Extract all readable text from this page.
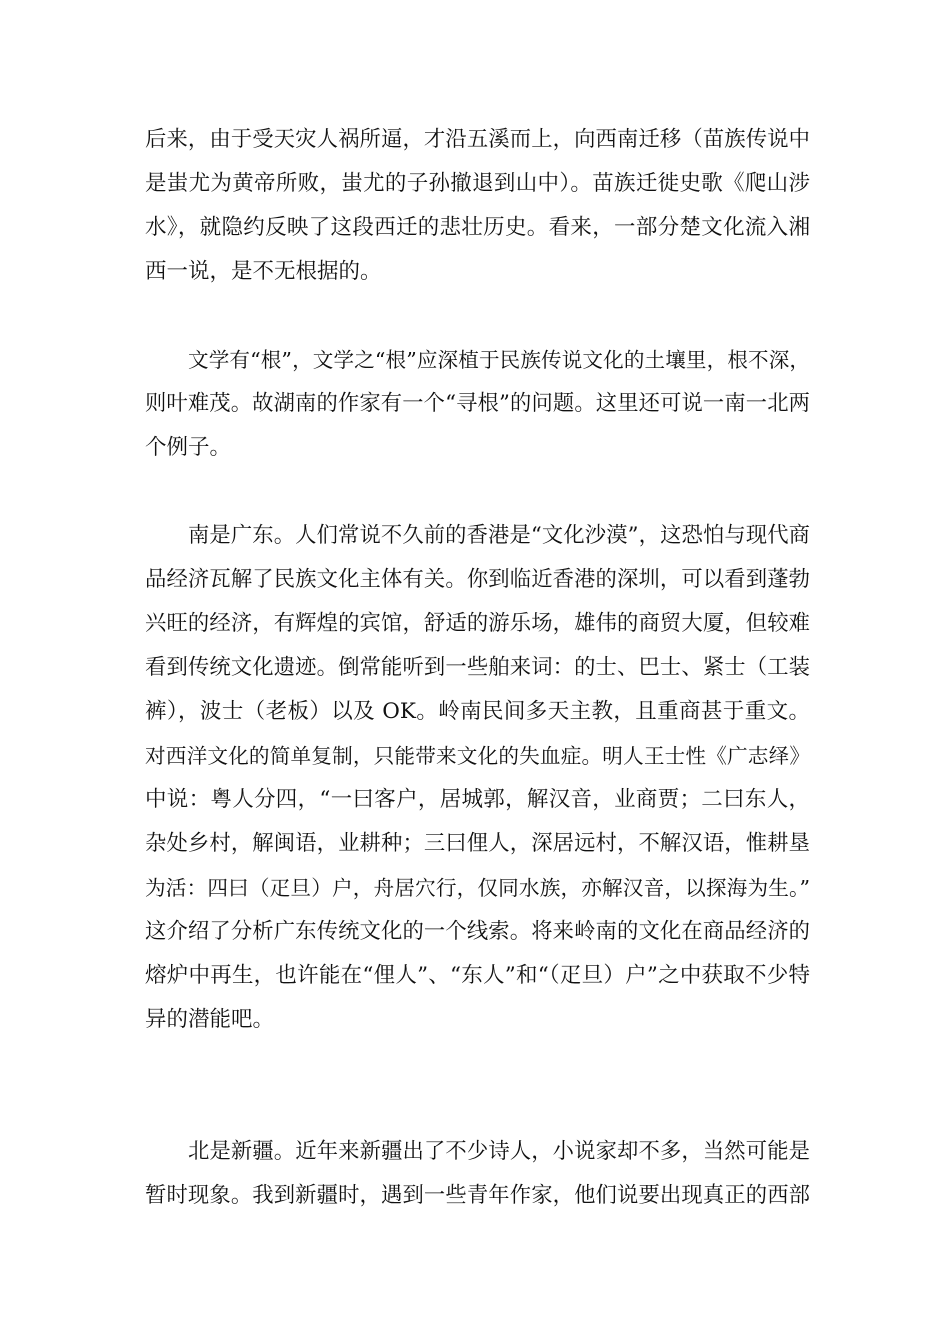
后来，由于受天灾人祸所逼，才沿五溪而上，向西南迁移（苗族传说中
是蚩尤为黄帝所败，蚩尤的子孙撤退到山中）。苗族迁徙史歌《爬山涉
水》，就隐约反映了这段西迁的悲壮历史。看来，一部分楚文化流入湘
西一说，是不无根据的。
文学有“根”，文学之“根”应深植于民族传说文化的土壤里，根不深，
则叶难茂。故湖南的作家有一个“寻根”的问题。这里还可说一南一北两
个例子。
南是广东。人们常说不久前的香港是“文化沙漠”，这恐怕与现代商
品经济瓦解了民族文化主体有关。你到临近香港的深圳，可以看到蓬勃
兴旺的经济，有辉煌的宾馆，舒适的游乐场，雄伟的商贸大厦，但较难
看到传统文化遗迹。倒常能听到一些舶来词：的士、巴士、紧士（工装
裤），波士（老板）以及 OK。岭南民间多天主教，且重商甚于重文。
对西洋文化的简单复制，只能带来文化的失血症。明人王士性《广志绎》
中说：粤人分四，“一曰客户，居城郭，解汉音，业商贾；二曰东人，
杂处乡村，解闽语，业耕种；三曰俚人，深居远村，不解汉语，惟耕垦
为活：四曰（疋旦）户，舟居穴行，仅同水族，亦解汉音，以探海为生。”
这介绍了分析广东传统文化的一个线索。将来岭南的文化在商品经济的
熔炉中再生，也许能在“俚人”、“东人”和“（疋旦）户”之中获取不少特
异的潜能吧。
北是新疆。近年来新疆出了不少诗人，小说家却不多，当然可能是
暂时现象。我到新疆时，遇到一些青年作家，他们说要出现真正的西部
